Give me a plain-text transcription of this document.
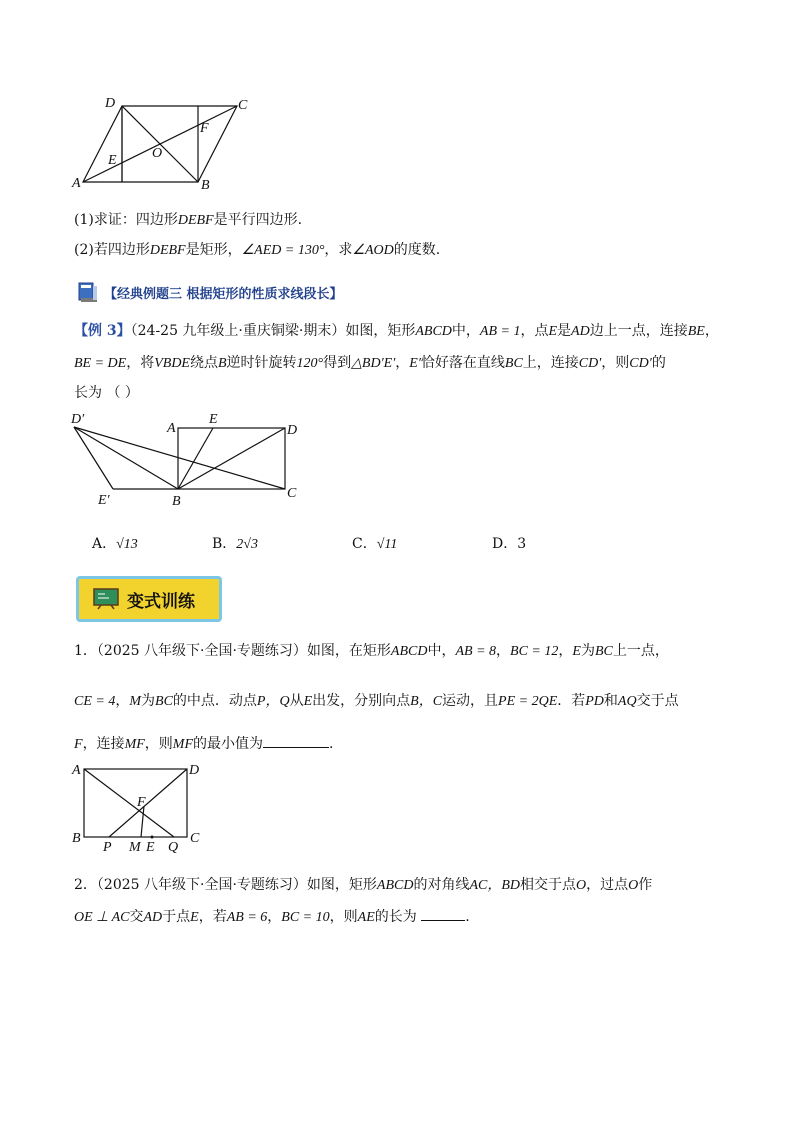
D	C
F
E	O
A	B
(1)求证：四边形DEBF是平行四边形.
(2)若四边形DEBF是矩形，∠AED = 130°，求∠AOD的度数.
【经典例题三 根据矩形的性质求线段长】
【例 3】（24-25 九年级上·重庆铜梁·期末）如图，矩形ABCD中，AB = 1，点E是AD边上一点，连接BE，
BE = DE，将VBDE绕点B逆时针旋转120°得到△BD′E′，E′恰好落在直线BC上，连接CD′，则CD′的
长为 （ ）
D′
A
E
D
E′	B
C
A．√13	B．2√3	C．√11	D．3
变式训练
1．（2025 八年级下·全国·专题练习）如图，在矩形ABCD中，AB = 8，BC = 12，E为BC上一点，
CE = 4，M为BC的中点．动点P，Q从E出发，分别向点B，C运动，且PE = 2QE．若PD和AQ交于点
F，连接MF，则MF的最小值为	.
A	D
F
B	C
P M E Q
2．（2025 八年级下·全国·专题练习）如图，矩形ABCD的对角线AC，BD相交于点O，过点O作
OE ⊥ AC交AD于点E，若AB = 6，BC = 10，则AE的长为	.
